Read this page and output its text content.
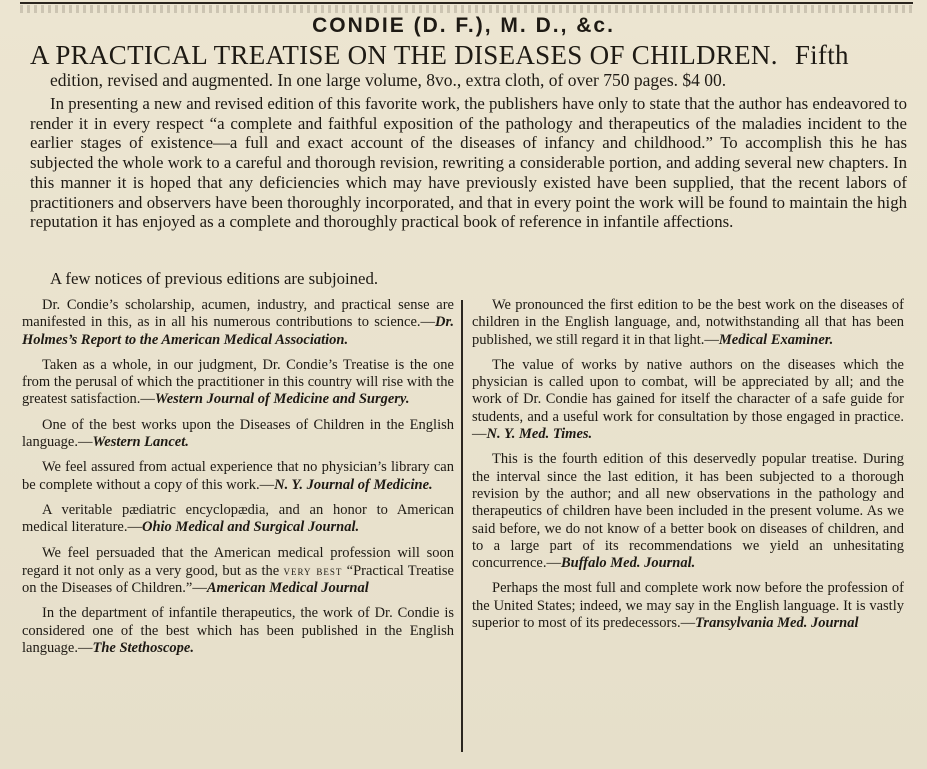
CONDIE (D. F.), M. D., &c.
A PRACTICAL TREATISE ON THE DISEASES OF CHILDREN. Fifth
edition, revised and augmented. In one large volume, 8vo., extra cloth, of over 750 pages. $4 00.

In presenting a new and revised edition of this favorite work, the publishers have only to state that the author has endeavored to render it in every respect “a complete and faithful exposition of the pathology and therapeutics of the maladies incident to the earlier stages of existence—a full and exact account of the diseases of infancy and childhood.” To accomplish this he has subjected the whole work to a careful and thorough revision, rewriting a considerable portion, and adding several new chapters. In this manner it is hoped that any deficiencies which may have previously existed have been supplied, that the recent labors of practitioners and observers have been thoroughly incorporated, and that in every point the work will be found to maintain the high reputation it has enjoyed as a complete and thoroughly practical book of reference in infantile affections.

A few notices of previous editions are subjoined.

Dr. Condie’s scholarship, acumen, industry, and practical sense are manifested in this, as in all his numerous contributions to science.—Dr. Holmes’s Report to the American Medical Association.

Taken as a whole, in our judgment, Dr. Condie’s Treatise is the one from the perusal of which the practitioner in this country will rise with the greatest satisfaction.—Western Journal of Medicine and Surgery.

One of the best works upon the Diseases of Children in the English language.—Western Lancet.

We feel assured from actual experience that no physician’s library can be complete without a copy of this work.—N. Y. Journal of Medicine.

A veritable pædiatric encyclopædia, and an honor to American medical literature.—Ohio Medical and Surgical Journal.

We feel persuaded that the American medical profession will soon regard it not only as a very good, but as the very best “Practical Treatise on the Diseases of Children.”—American Medical Journal

In the department of infantile therapeutics, the work of Dr. Condie is considered one of the best which has been published in the English language.—The Stethoscope.

We pronounced the first edition to be the best work on the diseases of children in the English language, and, notwithstanding all that has been published, we still regard it in that light.—Medical Examiner.

The value of works by native authors on the diseases which the physician is called upon to combat, will be appreciated by all; and the work of Dr. Condie has gained for itself the character of a safe guide for students, and a useful work for consultation by those engaged in practice.—N. Y. Med. Times.

This is the fourth edition of this deservedly popular treatise. During the interval since the last edition, it has been subjected to a thorough revision by the author; and all new observations in the pathology and therapeutics of children have been included in the present volume. As we said before, we do not know of a better book on diseases of children, and to a large part of its recommendations we yield an unhesitating concurrence.—Buffalo Med. Journal.

Perhaps the most full and complete work now before the profession of the United States; indeed, we may say in the English language. It is vastly superior to most of its predecessors.—Transylvania Med. Journal
